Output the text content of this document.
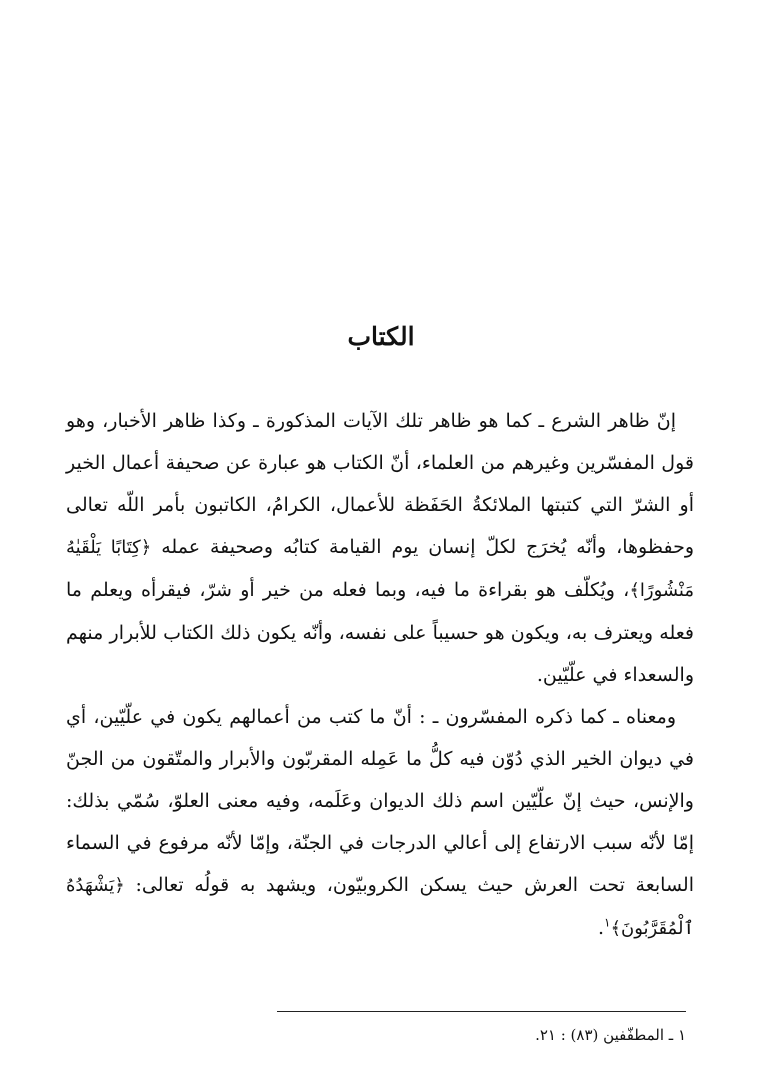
الكتاب

إنّ ظاهر الشرع ـ كما هو ظاهر تلك الآيات المذكورة ـ وكذا ظاهر الأخبار، وهو قول المفسّرين وغيرهم من العلماء، أنّ الكتاب هو عبارة عن صحيفة أعمال الخير أو الشرّ التي كتبتها الملائكةُ الحَفَظة للأعمال، الكرامُ، الكاتبون بأمر اللّه تعالى وحفظوها، وأنّه يُخرَج لكلّ إنسان يوم القيامة كتابُه وصحيفة عمله ﴿كِتَابًا يَلْقَيٰهُ مَنْشُورًا﴾، ويُكلّف هو بقراءة ما فيه، وبما فعله من خير أو شرّ، فيقرأه ويعلم ما فعله ويعترف به، ويكون هو حسيباً على نفسه، وأنّه يكون ذلك الكتاب للأبرار منهم والسعداء في علّيّين.

ومعناه ـ كما ذكره المفسّرون ـ : أنّ ما كتب من أعمالهم يكون في علّيّين، أي في ديوان الخير الذي دُوّن فيه كلُّ ما عَمِله المقربّون والأبرار والمتّقون من الجنّ والإنس، حيث إنّ علّيّين اسم ذلك الديوان وعَلَمه، وفيه معنى العلوّ، سُمّي بذلك: إمّا لأنّه سبب الارتفاع إلى أعالي الدرجات في الجنّة، وإمّا لأنّه مرفوع في السماء السابعة تحت العرش حيث يسكن الكروبيّون، ويشهد به قولُه تعالى: ﴿يَشْهَدُهُ ٱلْمُقَرَّبُونَ﴾$^١$.

١ ـ المطفّفين (٨٣) : ٢١.
